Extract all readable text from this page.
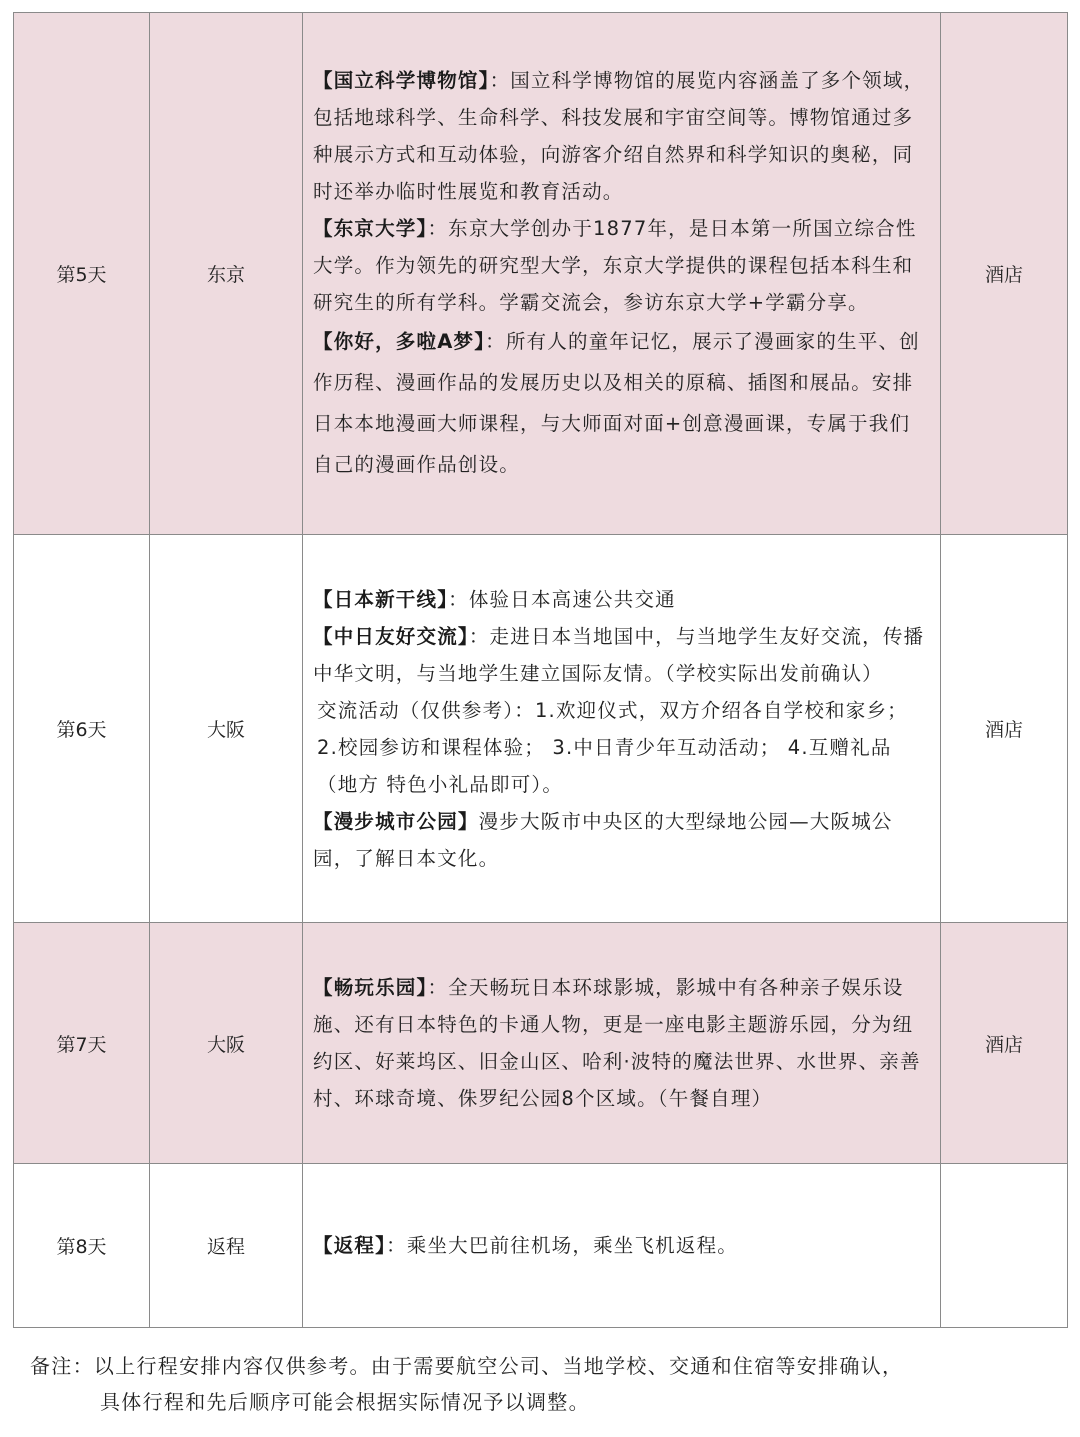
第5天	东京	【国立科学博物馆】：国立科学博物馆的展览内容涵盖了多个领域，包括地球科学、生命科学、科技发展和宇宙空间等。博物馆通过多种展示方式和互动体验，向游客介绍自然界和科学知识的奥秘，同时还举办临时性展览和教育活动。

【东京大学】：东京大学创办于1877年，是日本第一所国立综合性大学。作为领先的研究型大学，东京大学提供的课程包括本科生和研究生的所有学科。学霸交流会，参访东京大学+学霸分享。

【你好，多啦A梦】：所有人的童年记忆，展示了漫画家的生平、创作历程、漫画作品的发展历史以及相关的原稿、插图和展品。安排日本本地漫画大师课程，与大师面对面+创意漫画课，专属于我们自己的漫画作品创设。	酒店
第6天	大阪	【日本新干线】：体验日本高速公共交通

【中日友好交流】：走进日本当地国中，与当地学生友好交流，传播中华文明，与当地学生建立国际友情。（学校实际出发前确认）

交流活动（仅供参考）：1.欢迎仪式，双方介绍各自学校和家乡； 2.校园参访和课程体验； 3.中日青少年互动活动； 4.互赠礼品（地方 特色小礼品即可）。

【漫步城市公园】漫步大阪市中央区的大型绿地公园—大阪城公园，了解日本文化。	酒店
第7天	大阪	【畅玩乐园】：全天畅玩日本环球影城，影城中有各种亲子娱乐设施、还有日本特色的卡通人物，更是一座电影主题游乐园，分为纽约区、好莱坞区、旧金山区、哈利·波特的魔法世界、水世界、亲善村、环球奇境、侏罗纪公园8个区域。（午餐自理）	酒店
第8天	返程	【返程】：乘坐大巴前往机场，乘坐飞机返程。	

备注：以上行程安排内容仅供参考。由于需要航空公司、当地学校、交通和住宿等安排确认，

具体行程和先后顺序可能会根据实际情况予以调整。
